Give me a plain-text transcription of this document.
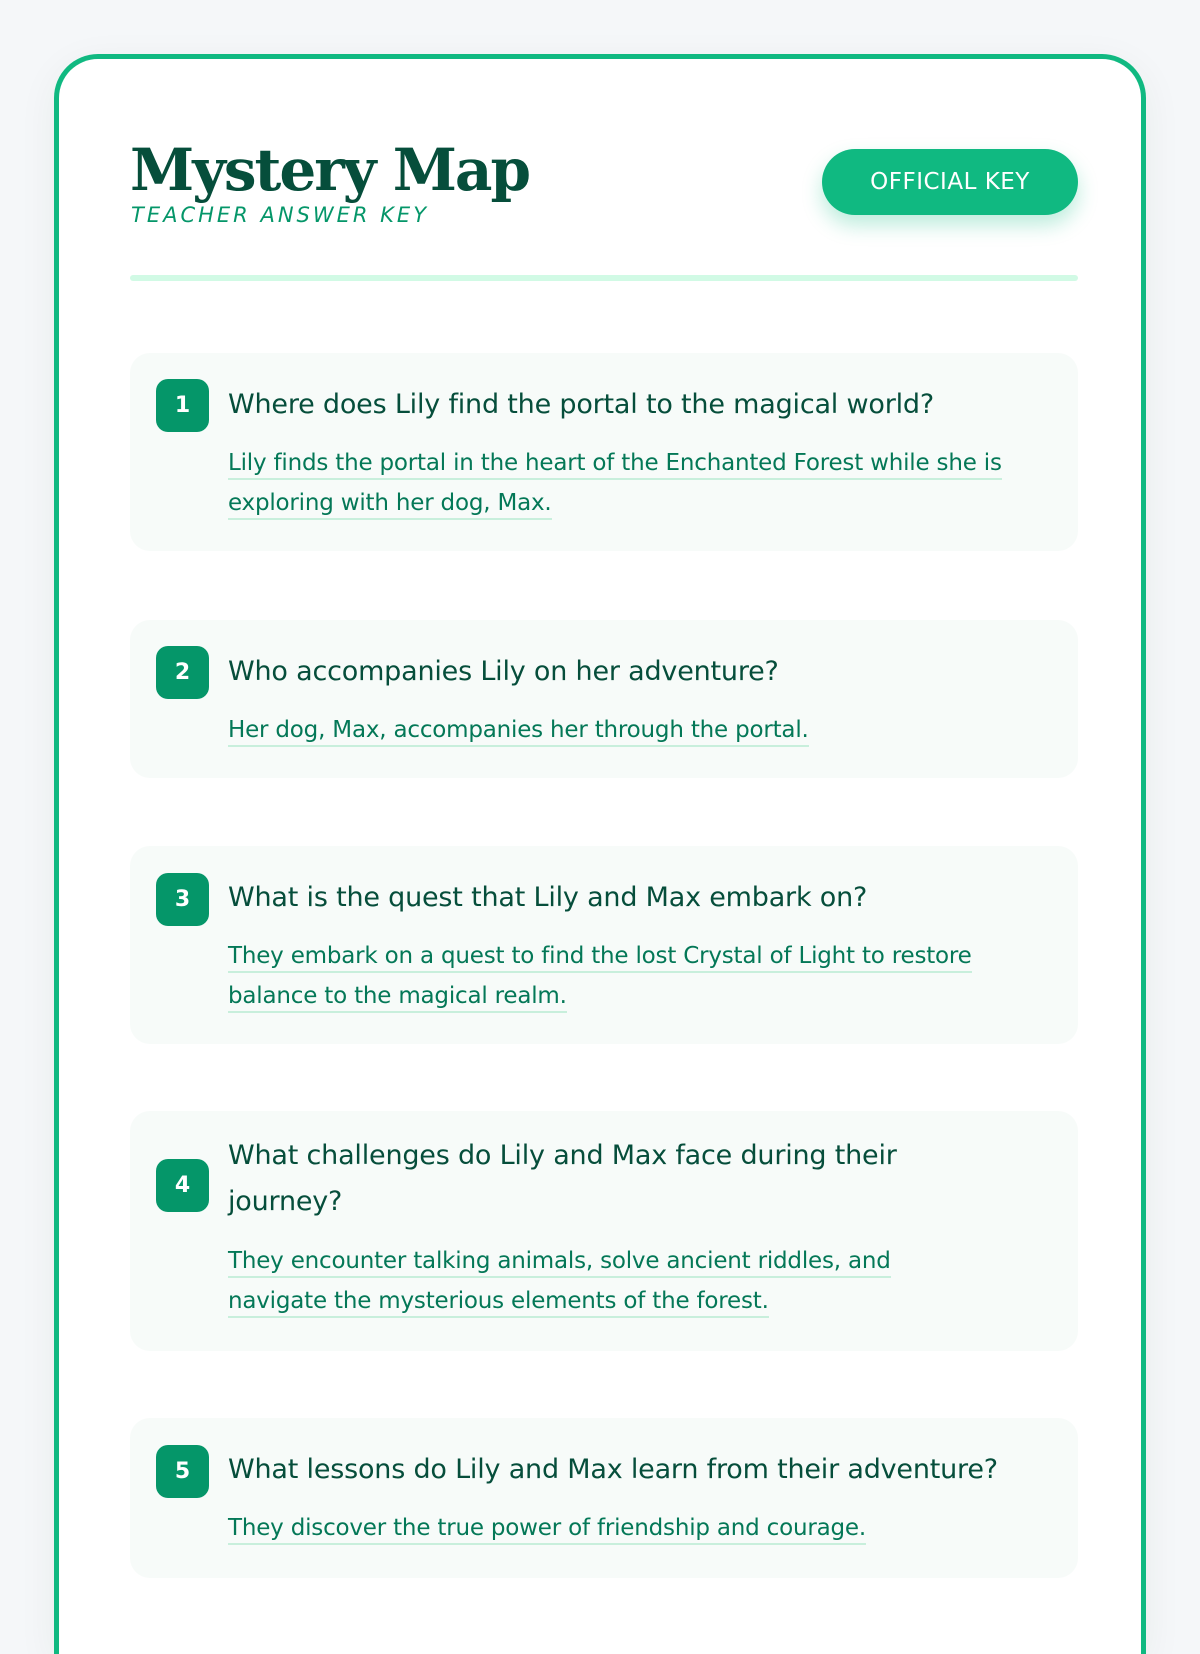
Mystery Map
TEACHER ANSWER KEY
OFFICIAL KEY
1	Where does Lily find the portal to the magical world?

Lily finds the portal in the heart of the Enchanted Forest while she is exploring with her dog, Max.

2	Who accompanies Lily on her adventure?

Her dog, Max, accompanies her through the portal.

3	What is the quest that Lily and Max embark on?

They embark on a quest to find the lost Crystal of Light to restore balance to the magical realm.

4

What challenges do Lily and Max face during their journey?

They encounter talking animals, solve ancient riddles, and navigate the mysterious elements of the forest.

5	What lessons do Lily and Max learn from their adventure?

They discover the true power of friendship and courage.
